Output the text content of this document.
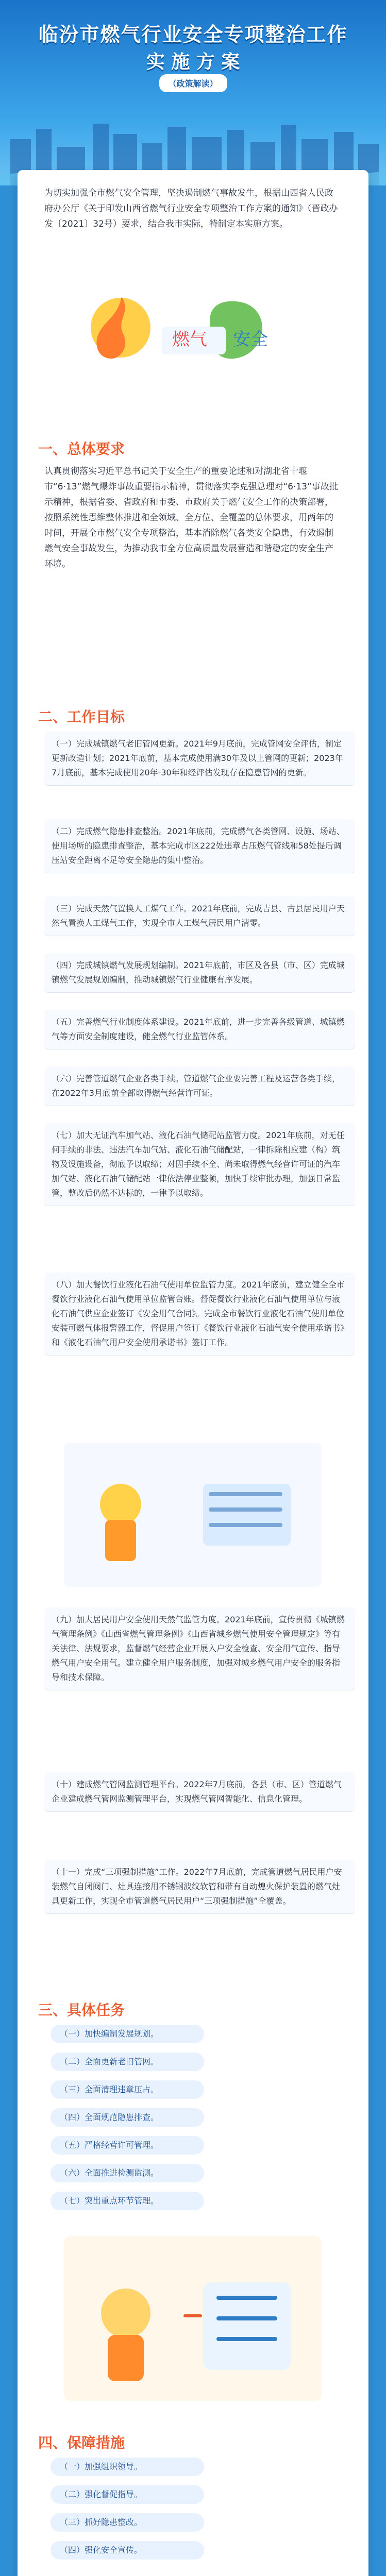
临汾市燃气行业安全专项整治工作
实 施 方 案
（政策解读）
为切实加强全市燃气安全管理，坚决遏制燃气事故发生，根据山西省人民政府办公厅《关于印发山西省燃气行业安全专项整治工作方案的通知》（晋政办发〔2021〕32号）要求，结合我市实际，特制定本实施方案。
燃气 安全
一、总体要求
认真贯彻落实习近平总书记关于安全生产的重要论述和对湖北省十堰市“6·13”燃气爆炸事故重要指示精神，贯彻落实李克强总理对“6·13”事故批示精神，根据省委、省政府和市委、市政府关于燃气安全工作的决策部署，按照系统性思维整体推进和全领域、全方位、全覆盖的总体要求，用两年的时间，开展全市燃气安全专项整治，基本消除燃气各类安全隐患，有效遏制燃气安全事故发生，为推动我市全方位高质量发展营造和谐稳定的安全生产环境。
二、工作目标
（一）完成城镇燃气老旧管网更新。2021年9月底前，完成管网安全评估，制定更新改造计划；2021年底前，基本完成使用满30年及以上管网的更新；2023年7月底前，基本完成使用20年-30年和经评估发现存在隐患管网的更新。
（二）完成燃气隐患排查整治。2021年底前，完成燃气各类管网、设施、场站、使用场所的隐患排查整治，基本完成市区222处违章占压燃气管线和58处提后调压站安全距离不足等安全隐患的集中整治。
（三）完成天然气置换人工煤气工作。2021年底前，完成吉县、古县居民用户天然气置换人工煤气工作，实现全市人工煤气居民用户清零。
（四）完成城镇燃气发展规划编制。2021年底前，市区及各县（市、区）完成城镇燃气发展规划编制，推动城镇燃气行业健康有序发展。
（五）完善燃气行业制度体系建设。2021年底前，进一步完善各级管道、城镇燃气等方面安全制度建设，健全燃气行业监管体系。
（六）完善管道燃气企业各类手续。管道燃气企业要完善工程及运营各类手续，在2022年3月底前全部取得燃气经营许可证。
（七）加大无证汽车加气站、液化石油气储配站监管力度。2021年底前，对无任何手续的非法、违法汽车加气站、液化石油气储配站，一律拆除相应建（构）筑物及设施设备，彻底予以取缔；对因手续不全、尚未取得燃气经营许可证的汽车加气站、液化石油气储配站一律依法停业整顿，加快手续审批办理，加强日常监管，整改后仍然不达标的，一律予以取缔。
（八）加大餐饮行业液化石油气使用单位监管力度。2021年底前，建立健全全市餐饮行业液化石油气使用单位监管台账。督促餐饮行业液化石油气使用单位与液化石油气供应企业签订《安全用气合同》。完成全市餐饮行业液化石油气使用单位安装可燃气体报警器工作，督促用户签订《餐饮行业液化石油气安全使用承诺书》和《液化石油气用户安全使用承诺书》签订工作。
（九）加大居民用户安全使用天然气监管力度。2021年底前，宣传贯彻《城镇燃气管理条例》《山西省燃气管理条例》《山西省城乡燃气使用安全管理规定》等有关法律、法规要求，监督燃气经营企业开展入户安全检查、安全用气宣传、指导燃气用户安全用气。建立健全用户服务制度，加强对城乡燃气用户安全的服务指导和技术保障。
（十）建成燃气管网监测管理平台。2022年7月底前，各县（市、区）管道燃气企业建成燃气管网监测管理平台，实现燃气管网智能化、信息化管理。
（十一）完成“三项强制措施”工作。2022年7月底前，完成管道燃气居民用户安装燃气自闭阀门、灶具连接用不锈钢波纹软管和带有自动熄火保护装置的燃气灶具更新工作，实现全市管道燃气居民用户“三项强制措施”全覆盖。
三、具体任务
（一）加快编制发展规划。
（二）全面更新老旧管网。
（三）全面清理违章压占。
（四）全面规范隐患排查。
（五）严格经营许可管理。
（六）全面推进检测监测。
（七）突出重点环节管理。
四、保障措施
（一）加强组织领导。
（二）强化督促指导。
（三）抓好隐患整改。
（四）强化安全宣传。
